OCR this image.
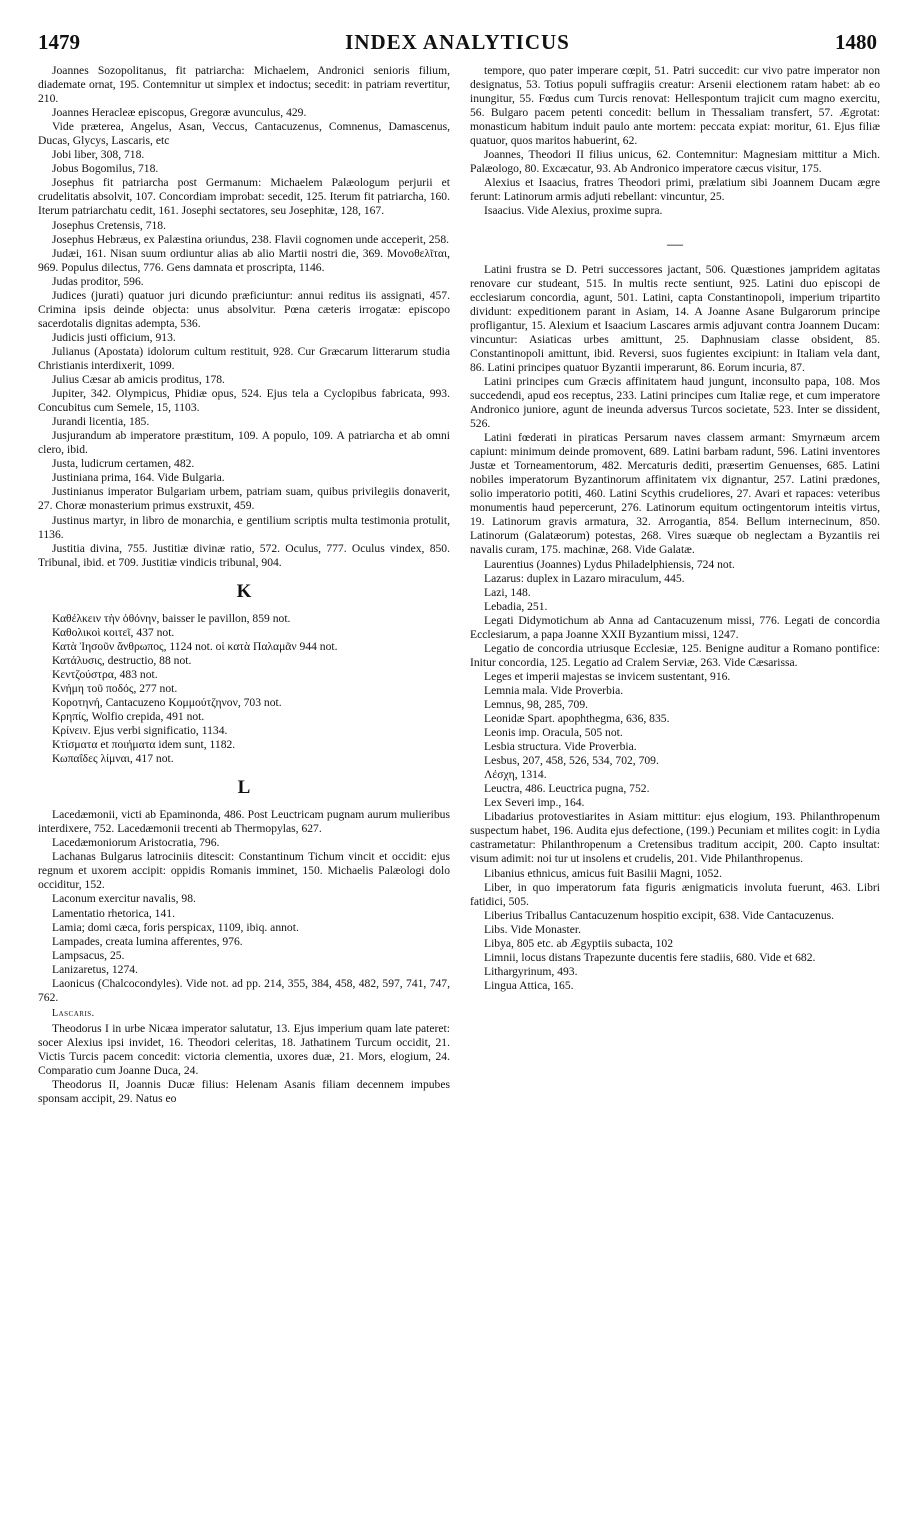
1479	INDEX ANALYTICUS	1480

Joannes Sozopolitanus, fit patriarcha: Michaelem, Andronici senioris filium, diademate ornat, 195. Contemnitur ut simplex et indoctus; secedit: in patriam revertitur, 210.

Joannes Heracleæ episcopus, Gregoræ avunculus, 429.

Vide præterea, Angelus, Asan, Veccus, Cantacuzenus, Comnenus, Damascenus, Ducas, Glycys, Lascaris, etc

Jobi liber, 308, 718.

Jobus Bogomilus, 718.

Josephus fit patriarcha post Germanum: Michaelem Palæologum perjurii et crudelitatis absolvit, 107. Concordiam improbat: secedit, 125. Iterum fit patriarcha, 160. Iterum patriarchatu cedit, 161. Josephi sectatores, seu Josephitæ, 128, 167.

Josephus Cretensis, 718.

Josephus Hebræus, ex Palæstina oriundus, 238. Flavii cognomen unde acceperit, 258.

Judæi, 161. Nisan suum ordiuntur alias ab alio Martii nostri die, 369. Μονοθελῖται, 969. Populus dilectus, 776. Gens damnata et proscripta, 1146.

Judas proditor, 596.

Judices (jurati) quatuor juri dicundo præficiuntur: annui reditus iis assignati, 457. Crimina ipsis deinde objecta: unus absolvitur. Pœna cæteris irrogatæ: episcopo sacerdotalis dignitas adempta, 536.

Judicis justi officium, 913.

Julianus (Apostata) idolorum cultum restituit, 928. Cur Græcarum litterarum studia Christianis interdixerit, 1099.

Julius Cæsar ab amicis proditus, 178.

Jupiter, 342. Olympicus, Phidiæ opus, 524. Ejus tela a Cyclopibus fabricata, 993. Concubitus cum Semele, 15, 1103.

Jurandi licentia, 185.

Jusjurandum ab imperatore præstitum, 109. A populo, 109. A patriarcha et ab omni clero, ibid.

Justa, ludicrum certamen, 482.

Justiniana prima, 164. Vide Bulgaria.

Justinianus imperator Bulgariam urbem, patriam suam, quibus privilegiis donaverit, 27. Choræ monasterium primus exstruxit, 459.

Justinus martyr, in libro de monarchia, e gentilium scriptis multa testimonia protulit, 1136.

Justitia divina, 755. Justitiæ divinæ ratio, 572. Oculus, 777. Oculus vindex, 850. Tribunal, ibid. et 709. Justitiæ vindicis tribunal, 904.

K

Καθέλκειν τὴν ὀθόνην, baisser le pavillon, 859 not.

Καθολικοὶ κοιτεῖ, 437 not.

Κατὰ Ἰησοῦν ἄνθρωπος, 1124 not. οἱ κατὰ Παλαμᾶν 944 not.

Κατάλυσις, destructio, 88 not.

Κεντζούστρα, 483 not.

Κνήμη τοῦ ποδός, 277 not.

Κοροτηνή, Cantacuzeno Κομμούτζηνον, 703 not.

Κρηπίς, Wolfio crepida, 491 not.

Κρίνειν. Ejus verbi significatio, 1134.

Κτίσματα et ποιήματα idem sunt, 1182.

Κωπαΐδες λίμναι, 417 not.

L

Lacedæmonii, victi ab Epaminonda, 486. Post Leuctricam pugnam aurum mulieribus interdixere, 752. Lacedæmonii trecenti ab Thermopylas, 627.

Lacedæmoniorum Aristocratia, 796.

Lachanas Bulgarus latrociniis ditescit: Constantinum Tichum vincit et occidit: ejus regnum et uxorem accipit: oppidis Romanis imminet, 150. Michaelis Palæologi dolo occiditur, 152.

Laconum exercitur navalis, 98.

Lamentatio rhetorica, 141.

Lamia; domi cæca, foris perspicax, 1109, ibiq. annot.

Lampades, creata lumina afferentes, 976.

Lampsacus, 25.

Lanizaretus, 1274.

Laonicus (Chalcocondyles). Vide not. ad pp. 214, 355, 384, 458, 482, 597, 741, 747, 762.

Lascaris.

Theodorus I in urbe Nicæa imperator salutatur, 13. Ejus imperium quam late pateret: socer Alexius ipsi invidet, 16. Theodori celeritas, 18. Jathatinem Turcum occidit, 21. Victis Turcis pacem concedit: victoria clementia, uxores duæ, 21. Mors, elogium, 24. Comparatio cum Joanne Duca, 24.

Theodorus II, Joannis Ducæ filius: Helenam Asanis filiam decennem impubes sponsam accipit, 29. Natus eo

tempore, quo pater imperare cœpit, 51. Patri succedit: cur vivo patre imperator non designatus, 53. Totius populi suffragiis creatur: Arsenii electionem ratam habet: ab eo inungitur, 55. Fœdus cum Turcis renovat: Hellespontum trajicit cum magno exercitu, 56. Bulgaro pacem petenti concedit: bellum in Thessaliam transfert, 57. Ægrotat: monasticum habitum induit paulo ante mortem: peccata expiat: moritur, 61. Ejus filiæ quatuor, quos maritos habuerint, 62.

Joannes, Theodori II filius unicus, 62. Contemnitur: Magnesiam mittitur a Mich. Palæologo, 80. Excæcatur, 93. Ab Andronico imperatore cæcus visitur, 175.

Alexius et Isaacius, fratres Theodori primi, prælatium sibi Joannem Ducam ægre ferunt: Latinorum armis adjuti rebellant: vincuntur, 25.

Isaacius. Vide Alexius, proxime supra.

—

Latini frustra se D. Petri successores jactant, 506. Quæstiones jampridem agitatas renovare cur studeant, 515. In multis recte sentiunt, 925. Latini duo episcopi de ecclesiarum concordia, agunt, 501. Latini, capta Constantinopoli, imperium tripartito dividunt: expeditionem parant in Asiam, 14. A Joanne Asane Bulgarorum principe profligantur, 15. Alexium et Isaacium Lascares armis adjuvant contra Joannem Ducam: vincuntur: Asiaticas urbes amittunt, 25. Daphnusiam classe obsident, 85. Constantinopoli amittunt, ibid. Reversi, suos fugientes excipiunt: in Italiam vela dant, 86. Latini principes quatuor Byzantii imperarunt, 86. Eorum incuria, 87.

Latini principes cum Græcis affinitatem haud jungunt, inconsulto papa, 108. Mos succedendi, apud eos receptus, 233. Latini principes cum Italiæ rege, et cum imperatore Andronico juniore, agunt de ineunda adversus Turcos societate, 523. Inter se dissident, 526.

Latini fœderati in piraticas Persarum naves classem armant: Smyrnæum arcem capiunt: minimum deinde promovent, 689. Latini barbam radunt, 596. Latini inventores Justæ et Torneamentorum, 482. Mercaturis dediti, præsertim Genuenses, 685. Latini nobiles imperatorum Byzantinorum affinitatem vix dignantur, 257. Latini prædones, solio imperatorio potiti, 460. Latini Scythis crudeliores, 27. Avari et rapaces: veteribus monumentis haud pepercerunt, 276. Latinorum equitum octingentorum inteitis virtus, 19. Latinorum gravis armatura, 32. Arrogantia, 854. Bellum internecinum, 850. Latinorum (Galatæorum) potestas, 268. Vires suæque ob neglectam a Byzantiis rei navalis curam, 175. machinæ, 268. Vide Galatæ.

Laurentius (Joannes) Lydus Philadelphiensis, 724 not.

Lazarus: duplex in Lazaro miraculum, 445.

Lazi, 148.

Lebadia, 251.

Legati Didymotichum ab Anna ad Cantacuzenum missi, 776. Legati de concordia Ecclesiarum, a papa Joanne XXII Byzantium missi, 1247.

Legatio de concordia utriusque Ecclesiæ, 125. Benigne auditur a Romano pontifice: Initur concordia, 125. Legatio ad Cralem Serviæ, 263. Vide Cæsarissa.

Leges et imperii majestas se invicem sustentant, 916.

Lemnia mala. Vide Proverbia.

Lemnus, 98, 285, 709.

Leonidæ Spart. apophthegma, 636, 835.

Leonis imp. Oracula, 505 not.

Lesbia structura. Vide Proverbia.

Lesbus, 207, 458, 526, 534, 702, 709.

Λέσχη, 1314.

Leuctra, 486. Leuctrica pugna, 752.

Lex Severi imp., 164.

Libadarius protovestiarites in Asiam mittitur: ejus elogium, 193. Philanthropenum suspectum habet, 196. Audita ejus defectione, (199.) Pecuniam et milites cogit: in Lydia castrametatur: Philanthropenum a Cretensibus traditum accipit, 200. Capto insultat: visum adimit: noi tur ut insolens et crudelis, 201. Vide Philanthropenus.

Libanius ethnicus, amicus fuit Basilii Magni, 1052.

Liber, in quo imperatorum fata figuris ænigmaticis involuta fuerunt, 463. Libri fatidici, 505.

Liberius Triballus Cantacuzenum hospitio excipit, 638. Vide Cantacuzenus.

Libs. Vide Monaster.

Libya, 805 etc. ab Ægyptiis subacta, 102

Limnii, locus distans Trapezunte ducentis fere stadiis, 680. Vide et 682.

Lithargyrinum, 493.

Lingua Attica, 165.
